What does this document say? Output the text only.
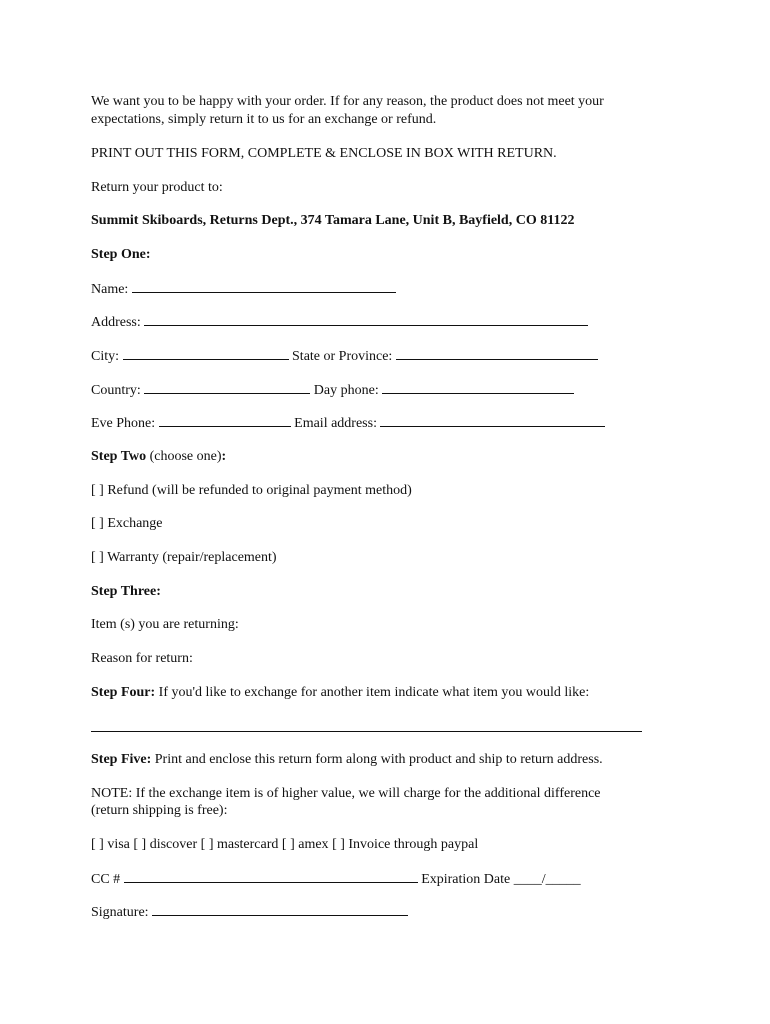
We want you to be happy with your order. If for any reason, the product does not meet your
expectations, simply return it to us for an exchange or refund.
PRINT OUT THIS FORM, COMPLETE & ENCLOSE IN BOX WITH RETURN.
Return your product to:
Summit Skiboards, Returns Dept., 374 Tamara Lane, Unit B, Bayfield, CO 81122
Step One:
Name:
Address:
City:	State or Province:
Country:	Day phone:
Eve Phone:	Email address:
Step Two (choose one):
[ ] Refund (will be refunded to original payment method)
[ ] Exchange
[ ] Warranty (repair/replacement)
Step Three:
Item (s) you are returning:
Reason for return:
Step Four: If you'd like to exchange for another item indicate what item you would like:
Step Five: Print and enclose this return form along with product and ship to return address.
NOTE: If the exchange item is of higher value, we will charge for the additional difference
(return shipping is free):
[ ] visa [ ] discover [ ] mastercard [ ] amex [ ] Invoice through paypal
CC #	Expiration Date ____/_____
Signature:
